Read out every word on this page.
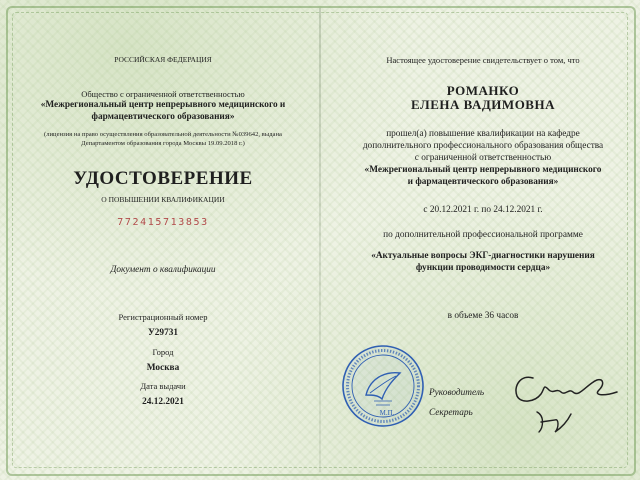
РОССИЙСКАЯ ФЕДЕРАЦИЯ
Общество с ограниченной ответственностью
«Межрегиональный центр непрерывного медицинского и
фармацевтического образования»
(лицензия на право осуществления образовательной деятельности №039642, выдана
Департаментом образования города Москвы 19.09.2018 г.)
УДОСТОВЕРЕНИЕ
О ПОВЫШЕНИИ КВАЛИФИКАЦИИ
772415713853
Документ о квалификации
Регистрационный номер
У29731
Город
Москва
Дата выдачи
24.12.2021
Настоящее удостоверение свидетельствует о том, что
РОМАНКО
ЕЛЕНА ВАДИМОВНА
прошел(а) повышение квалификации на кафедре
дополнительного профессионального образования общества
с ограниченной ответственностью
«Межрегиональный центр непрерывного медицинского
и фармацевтического образования»
с 20.12.2021 г. по 24.12.2021 г.
по дополнительной профессиональной программе
«Актуальные вопросы ЭКГ-диагностики нарушения
функции проводимости сердца»
в объеме 36 часов
М.П.
Руководитель
Секретарь
